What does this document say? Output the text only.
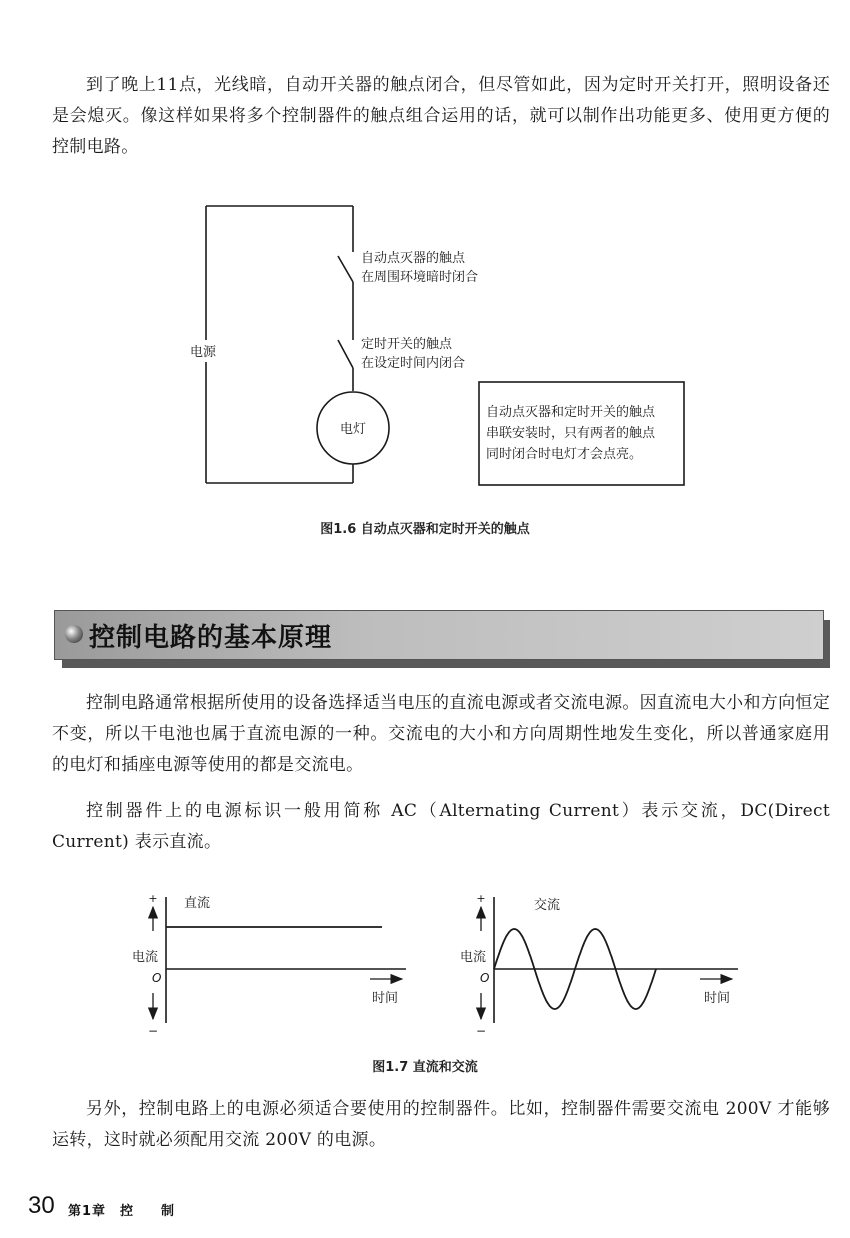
到了晚上11点，光线暗，自动开关器的触点闭合，但尽管如此，因为定时开关打开，照明设备还是会熄灭。像这样如果将多个控制器件的触点组合运用的话，就可以制作出功能更多、使用更方便的控制电路。

电源
自动点灭器的触点
在周围环境暗时闭合
定时开关的触点
在设定时间内闭合
电灯
自动点灭器和定时开关的触点
串联安装时，只有两者的触点
同时闭合时电灯才会点亮。
图1.6 自动点灭器和定时开关的触点
控制电路的基本原理

控制电路通常根据所使用的设备选择适当电压的直流电源或者交流电源。因直流电大小和方向恒定不变，所以干电池也属于直流电源的一种。交流电的大小和方向周期性地发生变化，所以普通家庭用的电灯和插座电源等使用的都是交流电。

控制器件上的电源标识一般用简称 AC（Alternating Current）表示交流，DC(Direct Current) 表示直流。

+
−
直流
电流
O
时间
+
−
交流
电流
O
时间
图1.7 直流和交流

另外，控制电路上的电源必须适合要使用的控制器件。比如，控制器件需要交流电 200V 才能够运转，这时就必须配用交流 200V 的电源。

30 第1章 控制
